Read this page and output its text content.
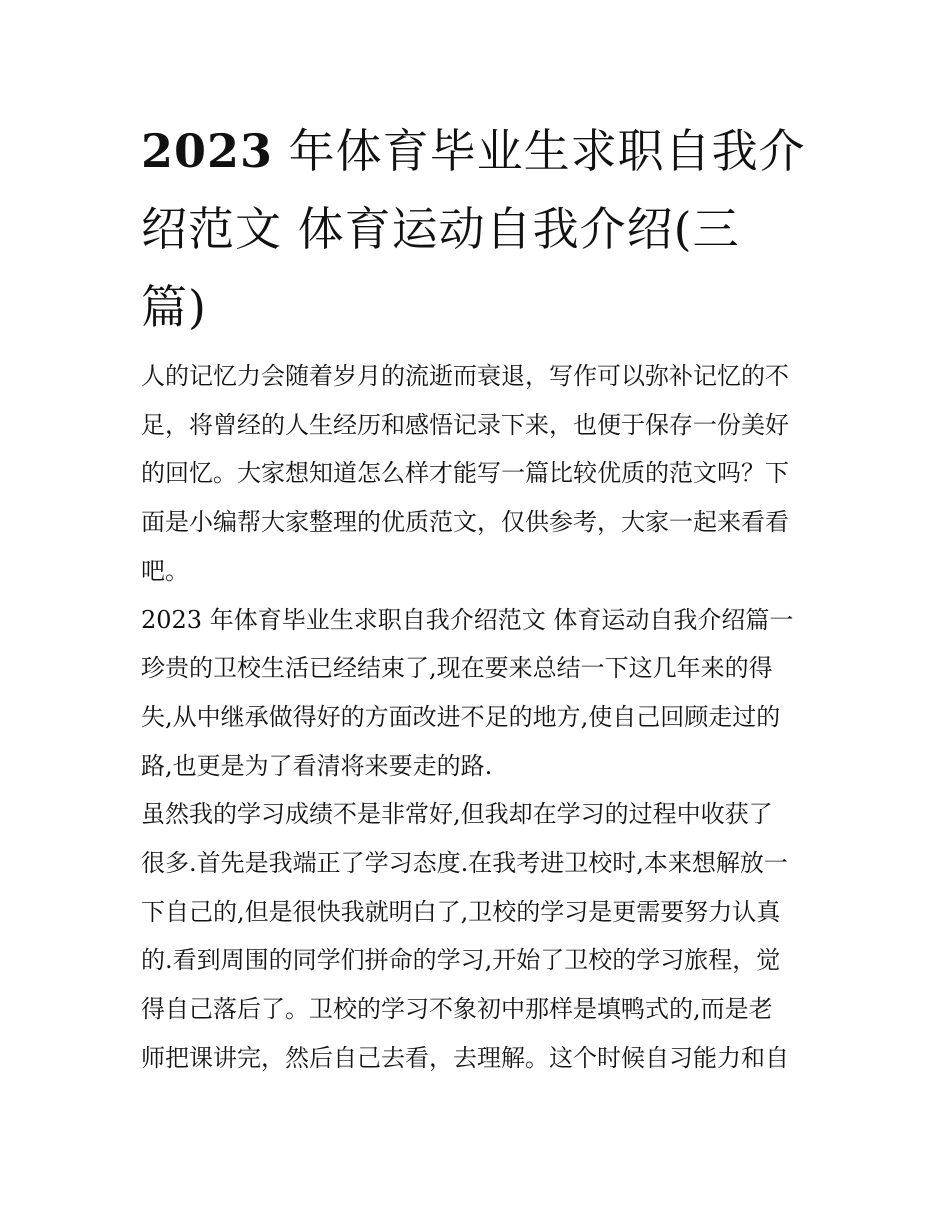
2023 年体育毕业生求职自我介
绍范文 体育运动自我介绍(三
篇)

人的记忆力会随着岁月的流逝而衰退，写作可以弥补记忆的不
足，将曾经的人生经历和感悟记录下来，也便于保存一份美好
的回忆。大家想知道怎么样才能写一篇比较优质的范文吗？下
面是小编帮大家整理的优质范文，仅供参考，大家一起来看看
吧。

2023 年体育毕业生求职自我介绍范文 体育运动自我介绍篇一

珍贵的卫校生活已经结束了,现在要来总结一下这几年来的得
失,从中继承做得好的方面改进不足的地方,使自己回顾走过的
路,也更是为了看清将来要走的路.

虽然我的学习成绩不是非常好,但我却在学习的过程中收获了
很多.首先是我端正了学习态度.在我考进卫校时,本来想解放一
下自己的,但是很快我就明白了,卫校的学习是更需要努力认真
的.看到周围的同学们拼命的学习,开始了卫校的学习旅程，觉
得自己落后了。卫校的学习不象初中那样是填鸭式的,而是老
师把课讲完，然后自己去看，去理解。这个时候自习能力和自
